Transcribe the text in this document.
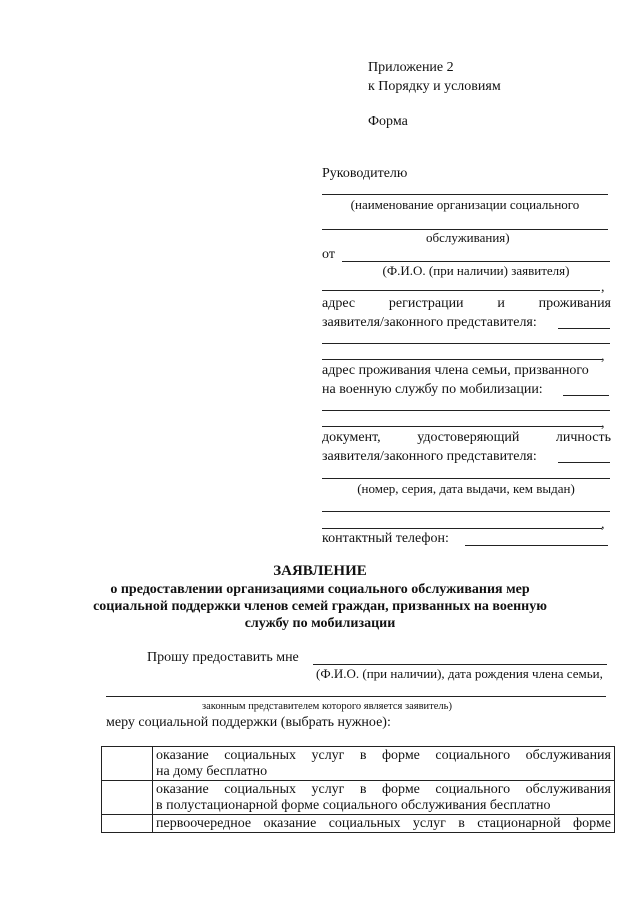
Приложение 2
к Порядку и условиям
Форма
Руководителю
(наименование организации социального
обслуживания)
от
(Ф.И.О. (при наличии) заявителя)
,
адрес регистрации и проживания
заявителя/законного представителя:
,
адрес проживания члена семьи, призванного
на военную службу по мобилизации:
,
документ,	удостоверяющий	личность
заявителя/законного представителя:
(номер, серия, дата выдачи, кем выдан)
,
контактный телефон:
ЗАЯВЛЕНИЕ
о предоставлении организациями социального обслуживания мер
социальной поддержки членов семей граждан, призванных на военную
службу по мобилизации
Прошу предоставить мне
(Ф.И.О. (при наличии), дата рождения члена семьи,
законным представителем которого является заявитель)
меру социальной поддержки (выбрать нужное):

	оказание социальных услуг в форме социального обслуживания
на дому бесплатно

	оказание социальных услуг в форме социального обслуживания
в полустационарной форме социального обслуживания бесплатно

	первоочередное оказание социальных услуг в стационарной форме
